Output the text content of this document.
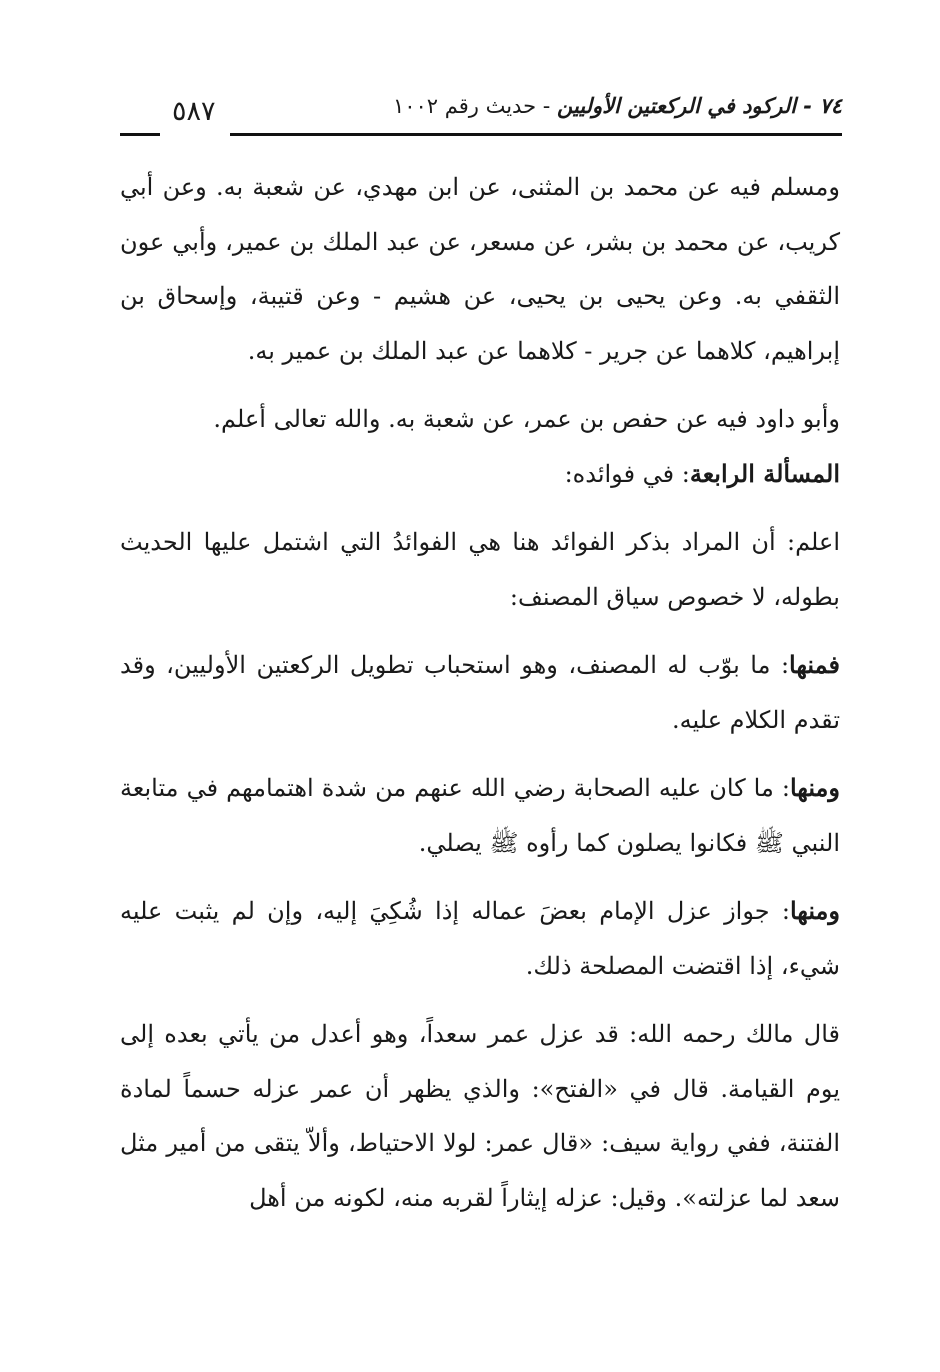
٥٨٧	٧٤ - الركود في الركعتين الأوليين - حديث رقم ١٠٠٢

ومسلم فيه عن محمد بن المثنى، عن ابن مهدي، عن شعبة به. وعن أبي كريب، عن محمد بن بشر، عن مسعر، عن عبد الملك بن عمير، وأبي عون الثقفي به. وعن يحيى بن يحيى، عن هشيم - وعن قتيبة، وإسحاق بن إبراهيم، كلاهما عن جرير - كلاهما عن عبد الملك بن عمير به.

وأبو داود فيه عن حفص بن عمر، عن شعبة به. والله تعالى أعلم.

المسألة الرابعة: في فوائده:

اعلم: أن المراد بذكر الفوائد هنا هي الفوائدُ التي اشتمل عليها الحديث بطوله، لا خصوص سياق المصنف:

فمنها: ما بوّب له المصنف، وهو استحباب تطويل الركعتين الأوليين، وقد تقدم الكلام عليه.

ومنها: ما كان عليه الصحابة رضي الله عنهم من شدة اهتمامهم في متابعة النبي ﷺ فكانوا يصلون كما رأوه ﷺ يصلي.

ومنها: جواز عزل الإمام بعضَ عماله إذا شُكِيَ إليه، وإن لم يثبت عليه شيء، إذا اقتضت المصلحة ذلك.

قال مالك رحمه الله: قد عزل عمر سعداً، وهو أعدل من يأتي بعده إلى يوم القيامة. قال في «الفتح»: والذي يظهر أن عمر عزله حسماً لمادة الفتنة، ففي رواية سيف: «قال عمر: لولا الاحتياط، وألاّ يتقى من أمير مثل سعد لما عزلته». وقيل: عزله إيثاراً لقربه منه، لكونه من أهل
